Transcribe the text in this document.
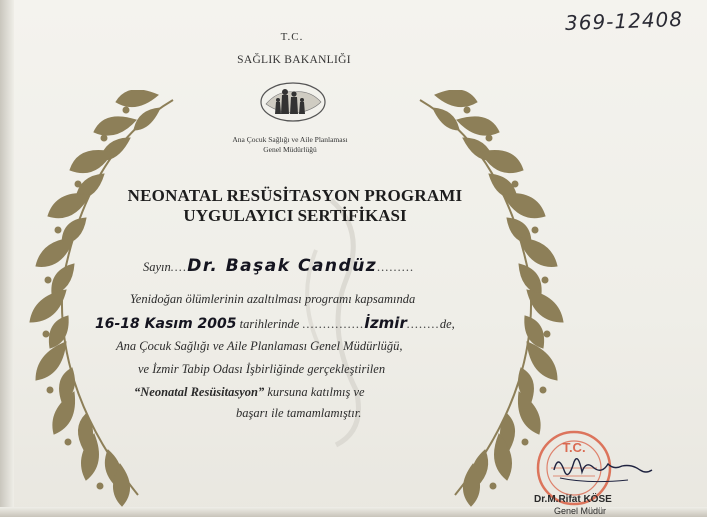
369-12408
T.C.
SAĞLIK BAKANLIĞI
Ana Çocuk Sağlığı ve Aile Planlaması
Genel Müdürlüğü
NEONATAL RESÜSİTASYON PROGRAMI
UYGULAYICI SERTİFİKASI
Sayın....Dr. Başak Candüz.........
Yenidoğan ölümlerinin azaltılması programı kapsamında
16-18 Kasım 2005 tarihlerinde ...............İzmir........de,
Ana Çocuk Sağlığı ve Aile Planlaması Genel Müdürlüğü,
ve İzmir Tabip Odası İşbirliğinde gerçekleştirilen
“Neonatal Resüsitasyon” kursuna katılmış ve
başarı ile tamamlamıştır.
T.C.
Dr.M.Rifat KÖSE
Genel Müdür
